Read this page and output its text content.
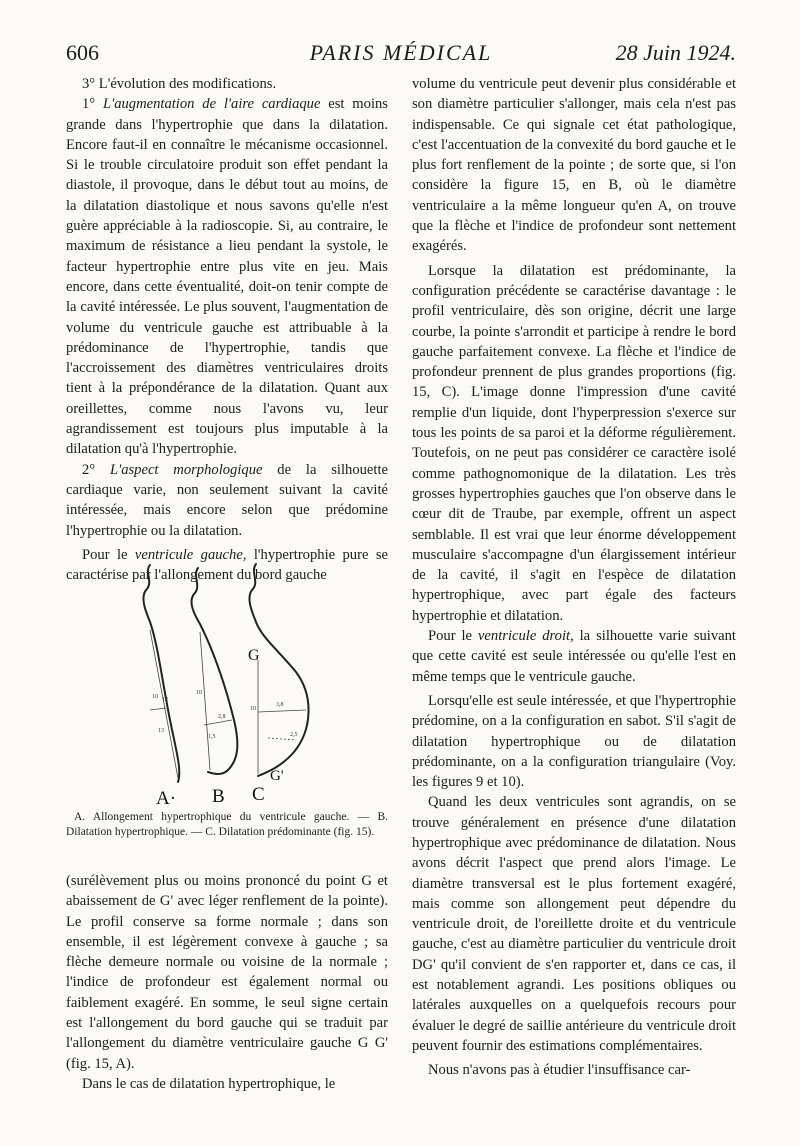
606	PARIS MÉDICAL	28 Juin 1924.

3° L'évolution des modifications.

1° L'augmentation de l'aire cardiaque est moins grande dans l'hypertrophie que dans la dilatation. Encore faut-il en connaître le mécanisme occasionnel. Si le trouble circulatoire produit son effet pendant la diastole, il provoque, dans le début tout au moins, de la dilatation diastolique et nous savons qu'elle n'est guère appréciable à la radioscopie. Si, au contraire, le maximum de résistance a lieu pendant la systole, le facteur hypertrophie entre plus vite en jeu. Mais encore, dans cette éventualité, doit-on tenir compte de la cavité intéressée. Le plus souvent, l'augmentation de volume du ventricule gauche est attribuable à la prédominance de l'hypertrophie, tandis que l'accroissement des diamètres ventriculaires droits tient à la prépondérance de la dilatation. Quant aux oreillettes, comme nous l'avons vu, leur agrandissement est toujours plus imputable à la dilatation qu'à l'hypertrophie.

2° L'aspect morphologique de la silhouette cardiaque varie, non seulement suivant la cavité intéressée, mais encore selon que prédomine l'hypertrophie ou la dilatation.

Pour le ventricule gauche, l'hypertrophie pure se caractérise par l'allongement du bord gauche

10 12
13
10
10
2,8
3,8
2,5
1,5
G
G'
A· B C

A. Allongement hypertrophique du ventricule gauche. — B. Dilatation hypertrophique. — C. Dilatation prédominante (fig. 15).

(surélèvement plus ou moins prononcé du point G et abaissement de G' avec léger renflement de la pointe). Le profil conserve sa forme normale ; dans son ensemble, il est légèrement convexe à gauche ; sa flèche demeure normale ou voisine de la normale ; l'indice de profondeur est également normal ou faiblement exagéré. En somme, le seul signe certain est l'allongement du bord gauche qui se traduit par l'allongement du diamètre ventriculaire gauche G G' (fig. 15, A).

Dans le cas de dilatation hypertrophique, le

volume du ventricule peut devenir plus considérable et son diamètre particulier s'allonger, mais cela n'est pas indispensable. Ce qui signale cet état pathologique, c'est l'accentuation de la convexité du bord gauche et le plus fort renflement de la pointe ; de sorte que, si l'on considère la figure 15, en B, où le diamètre ventriculaire a la même longueur qu'en A, on trouve que la flèche et l'indice de profondeur sont nettement exagérés.

Lorsque la dilatation est prédominante, la configuration précédente se caractérise davantage : le profil ventriculaire, dès son origine, décrit une large courbe, la pointe s'arrondit et participe à rendre le bord gauche parfaitement convexe. La flèche et l'indice de profondeur prennent de plus grandes proportions (fig. 15, C). L'image donne l'impression d'une cavité remplie d'un liquide, dont l'hyperpression s'exerce sur tous les points de sa paroi et la déforme régulièrement. Toutefois, on ne peut pas considérer ce caractère isolé comme pathognomonique de la dilatation. Les très grosses hypertrophies gauches que l'on observe dans le cœur dit de Traube, par exemple, offrent un aspect semblable. Il est vrai que leur énorme développement musculaire s'accompagne d'un élargissement intérieur de la cavité, il s'agit en l'espèce de dilatation hypertrophique, avec part égale des facteurs hypertrophie et dilatation.

Pour le ventricule droit, la silhouette varie suivant que cette cavité est seule intéressée ou qu'elle l'est en même temps que le ventricule gauche.

Lorsqu'elle est seule intéressée, et que l'hypertrophie prédomine, on a la configuration en sabot. S'il s'agit de dilatation hypertrophique ou de dilatation prédominante, on a la configuration triangulaire (Voy. les figures 9 et 10).

Quand les deux ventricules sont agrandis, on se trouve généralement en présence d'une dilatation hypertrophique avec prédominance de dilatation. Nous avons décrit l'aspect que prend alors l'image. Le diamètre transversal est le plus fortement exagéré, mais comme son allongement peut dépendre du ventricule droit, de l'oreillette droite et du ventricule gauche, c'est au diamètre particulier du ventricule droit DG' qu'il convient de s'en rapporter et, dans ce cas, il est notablement agrandi. Les positions obliques ou latérales auxquelles on a quelquefois recours pour évaluer le degré de saillie antérieure du ventricule droit peuvent fournir des estimations complémentaires.

Nous n'avons pas à étudier l'insuffisance car-
